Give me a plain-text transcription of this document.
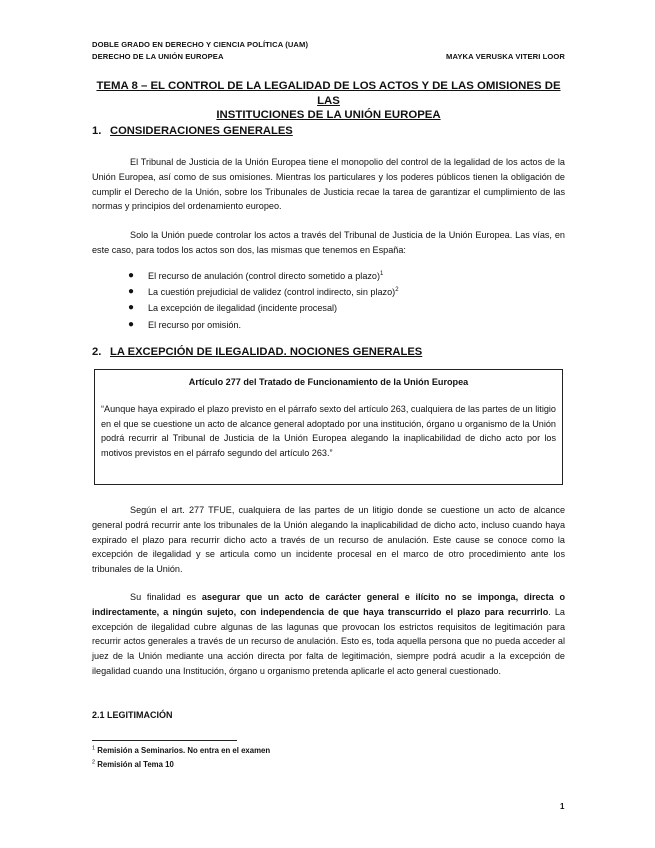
DOBLE GRADO EN DERECHO Y CIENCIA POLÍTICA (UAM)
DERECHO DE LA UNIÓN EUROPEA	MAYKA VERUSKA VITERI LOOR
TEMA 8 – EL CONTROL DE LA LEGALIDAD DE LOS ACTOS Y DE LAS OMISIONES DE LAS
INSTITUCIONES DE LA UNIÓN EUROPEA
1. CONSIDERACIONES GENERALES

El Tribunal de Justicia de la Unión Europea tiene el monopolio del control de la legalidad de los actos de la Unión Europea, así como de sus omisiones. Mientras los particulares y los poderes públicos tienen la obligación de cumplir el Derecho de la Unión, sobre los Tribunales de Justicia recae la tarea de garantizar el cumplimiento de las normas y principios del ordenamiento europeo.

Solo la Unión puede controlar los actos a través del Tribunal de Justicia de la Unión Europea. Las vías, en este caso, para todos los actos son dos, las mismas que tenemos en España:

● El recurso de anulación (control directo sometido a plazo)$^1$
● La cuestión prejudicial de validez (control indirecto, sin plazo)$^2$
● La excepción de ilegalidad (incidente procesal)
● El recurso por omisión.
2. LA EXCEPCIÓN DE ILEGALIDAD. NOCIONES GENERALES
Artículo 277 del Tratado de Funcionamiento de la Unión Europea

“Aunque haya expirado el plazo previsto en el párrafo sexto del artículo 263, cualquiera de las partes de un litigio en el que se cuestione un acto de alcance general adoptado por una institución, órgano u organismo de la Unión podrá recurrir al Tribunal de Justicia de la Unión Europea alegando la inaplicabilidad de dicho acto por los motivos previstos en el párrafo segundo del artículo 263.”

Según el art. 277 TFUE, cualquiera de las partes de un litigio donde se cuestione un acto de alcance general podrá recurrir ante los tribunales de la Unión alegando la inaplicabilidad de dicho acto, incluso cuando haya expirado el plazo para recurrir dicho acto a través de un recurso de anulación. Este cause se conoce como la excepción de ilegalidad y se articula como un incidente procesal en el marco de otro procedimiento ante los tribunales de la Unión.

Su finalidad es asegurar que un acto de carácter general e ilícito no se imponga, directa o indirectamente, a ningún sujeto, con independencia de que haya transcurrido el plazo para recurrirlo. La excepción de ilegalidad cubre algunas de las lagunas que provocan los estrictos requisitos de legitimación para recurrir actos generales a través de un recurso de anulación. Esto es, toda aquella persona que no pueda acceder al juez de la Unión mediante una acción directa por falta de legitimación, siempre podrá acudir a la excepción de ilegalidad cuando una Institución, órgano u organismo pretenda aplicarle el acto general cuestionado.

2.1 LEGITIMACIÓN
$^1$ Remisión a Seminarios. No entra en el examen
$^2$ Remisión al Tema 10
1
